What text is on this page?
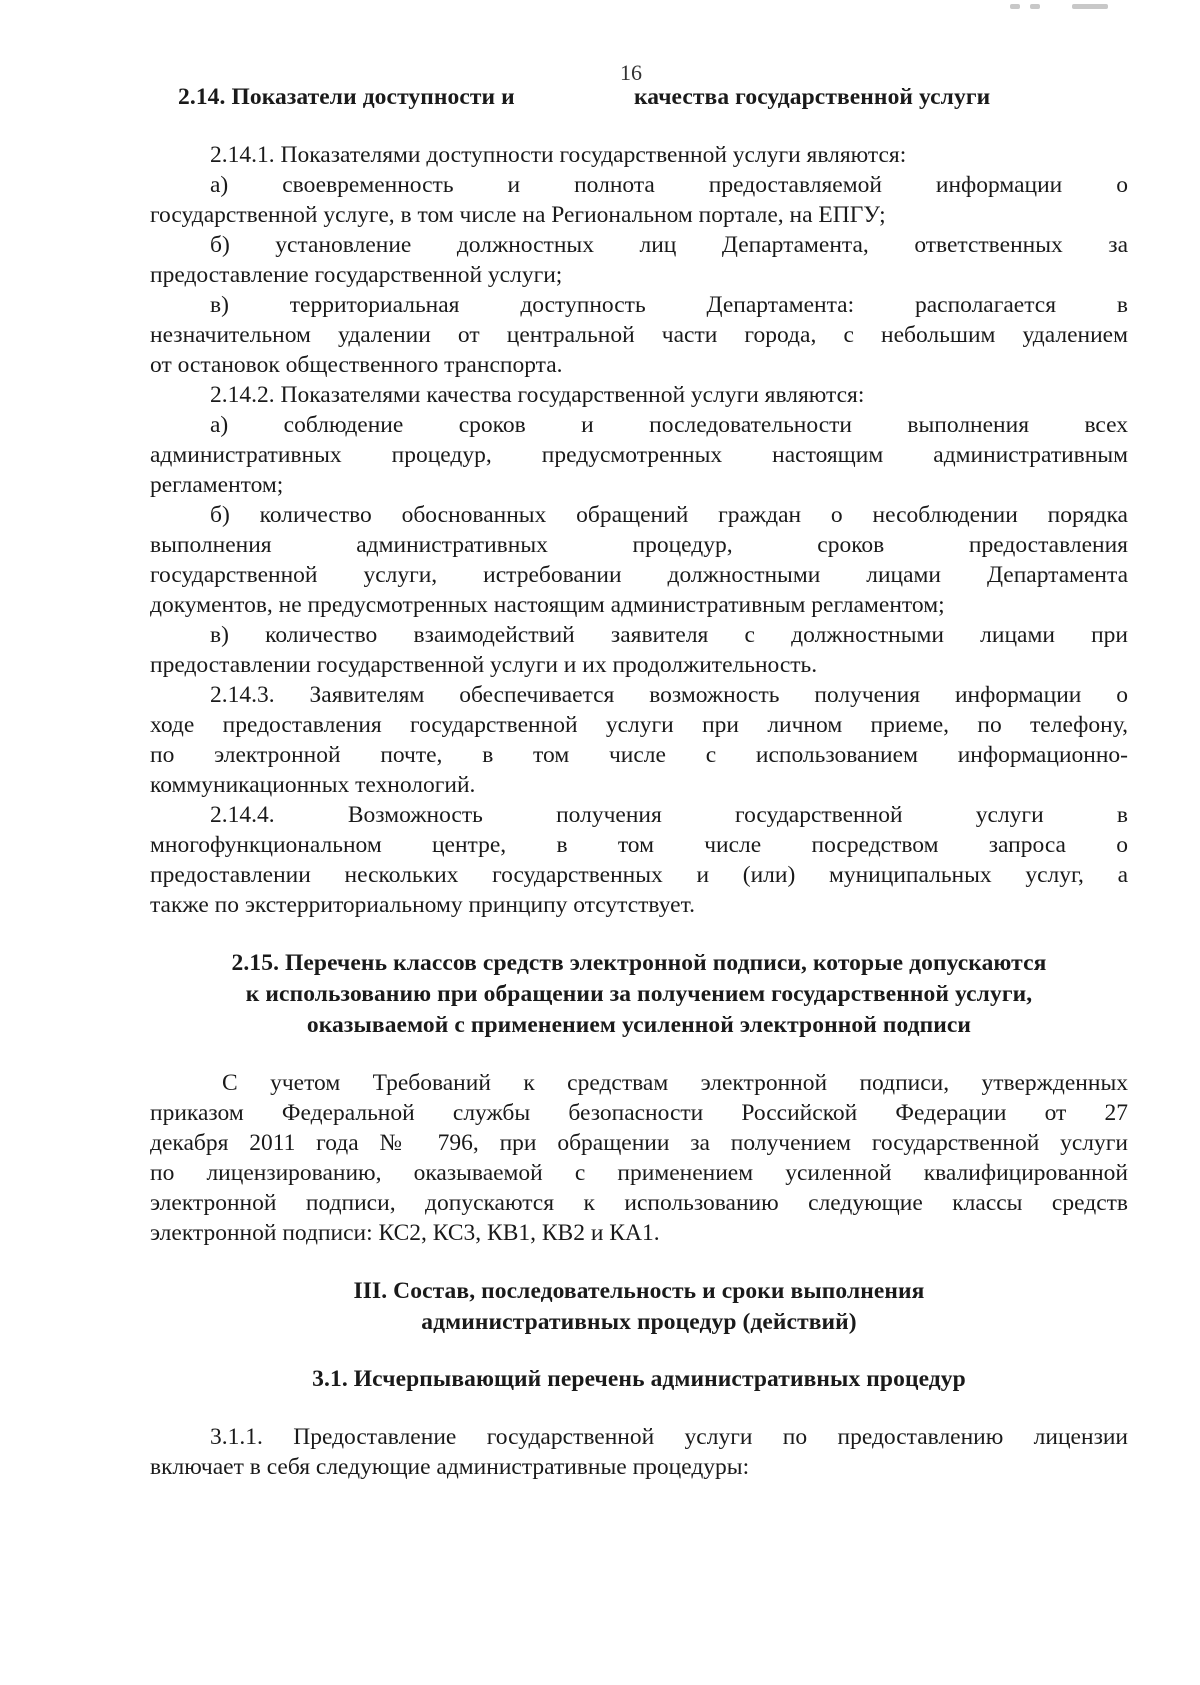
16
2.14. Показатели доступности и	качества государственной услуги
2.14.1. Показателями доступности государственной услуги являются:
а) своевременность и полнота предоставляемой информации о
государственной услуге, в том числе на Региональном портале, на ЕПГУ;
б) установление должностных лиц Департамента, ответственных за
предоставление государственной услуги;
в) территориальная доступность Департамента: располагается в
незначительном удалении от центральной части города, с небольшим удалением
от остановок общественного транспорта.
2.14.2. Показателями качества государственной услуги являются:
а) соблюдение сроков и последовательности выполнения всех
административных процедур, предусмотренных настоящим административным
регламентом;
б) количество обоснованных обращений граждан о несоблюдении порядка
выполнения административных процедур, сроков предоставления
государственной услуги, истребовании должностными лицами Департамента
документов, не предусмотренных настоящим административным регламентом;
в) количество взаимодействий заявителя с должностными лицами при
предоставлении государственной услуги и их продолжительность.
2.14.3. Заявителям обеспечивается возможность получения информации о
ходе предоставления государственной услуги при личном приеме, по телефону,
по электронной почте, в том числе с использованием информационно-
коммуникационных технологий.
2.14.4. Возможность получения государственной услуги в
многофункциональном центре, в том числе посредством запроса о
предоставлении нескольких государственных и (или) муниципальных услуг, а
также по экстерриториальному принципу отсутствует.
2.15. Перечень классов средств электронной подписи, которые допускаются
к использованию при обращении за получением государственной услуги,
оказываемой с применением усиленной электронной подписи
С учетом Требований к средствам электронной подписи, утвержденных
приказом Федеральной службы безопасности Российской Федерации от 27
декабря 2011 года № 796, при обращении за получением государственной услуги
по лицензированию, оказываемой с применением усиленной квалифицированной
электронной подписи, допускаются к использованию следующие классы средств
электронной подписи: КС2, КС3, КВ1, КВ2 и КА1.
III. Состав, последовательность и сроки выполнения
административных процедур (действий)
3.1. Исчерпывающий перечень административных процедур
3.1.1. Предоставление государственной услуги по предоставлению лицензии
включает в себя следующие административные процедуры:
